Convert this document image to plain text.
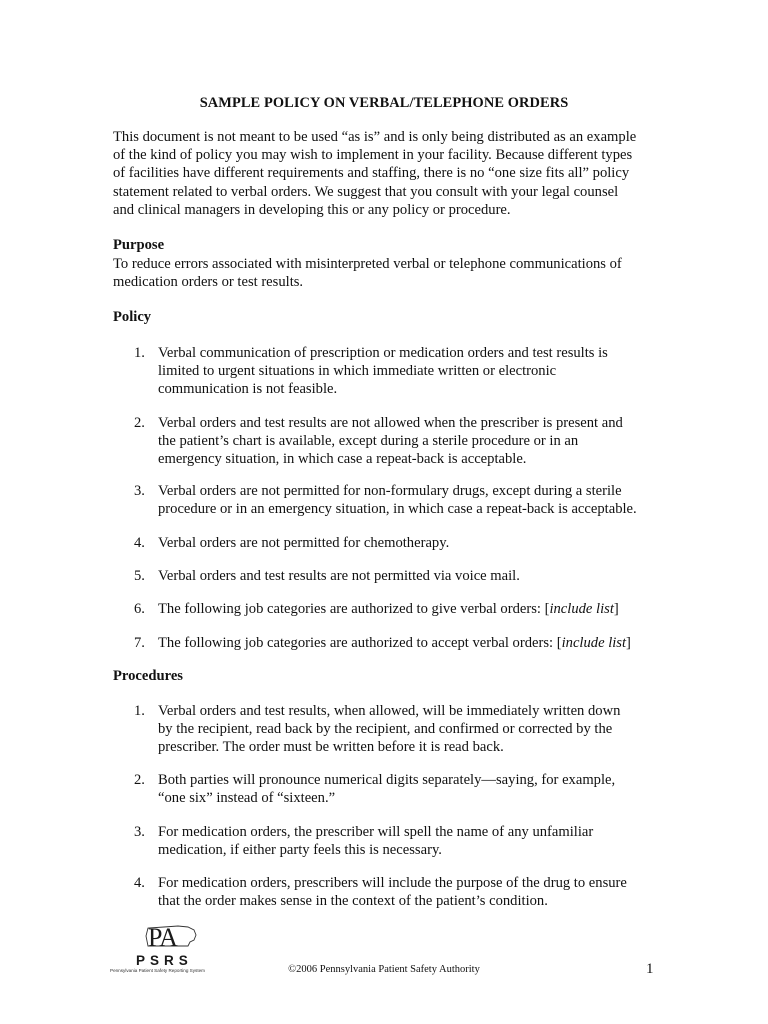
SAMPLE POLICY ON VERBAL/TELEPHONE ORDERS

This document is not meant to be used “as is” and is only being distributed as an example
of the kind of policy you may wish to implement in your facility. Because different types
of facilities have different requirements and staffing, there is no “one size fits all” policy
statement related to verbal orders. We suggest that you consult with your legal counsel
and clinical managers in developing this or any policy or procedure.

Purpose

To reduce errors associated with misinterpreted verbal or telephone communications of
medication orders or test results.

Policy
1. Verbal communication of prescription or medication orders and test results is
limited to urgent situations in which immediate written or electronic
communication is not feasible.
2. Verbal orders and test results are not allowed when the prescriber is present and
the patient’s chart is available, except during a sterile procedure or in an
emergency situation, in which case a repeat-back is acceptable.
3. Verbal orders are not permitted for non-formulary drugs, except during a sterile
procedure or in an emergency situation, in which case a repeat-back is acceptable.
4. Verbal orders are not permitted for chemotherapy.
5. Verbal orders and test results are not permitted via voice mail.
6. The following job categories are authorized to give verbal orders: [include list]
7. The following job categories are authorized to accept verbal orders: [include list]
Procedures
1. Verbal orders and test results, when allowed, will be immediately written down
by the recipient, read back by the recipient, and confirmed or corrected by the
prescriber. The order must be written before it is read back.
2. Both parties will pronounce numerical digits separately—saying, for example,
“one six” instead of “sixteen.”
3. For medication orders, the prescriber will spell the name of any unfamiliar
medication, if either party feels this is necessary.
4. For medication orders, prescribers will include the purpose of the drug to ensure
that the order makes sense in the context of the patient’s condition.
PA
PSRS
Pennsylvania Patient Safety Reporting System	©2006 Pennsylvania Patient Safety Authority	1
